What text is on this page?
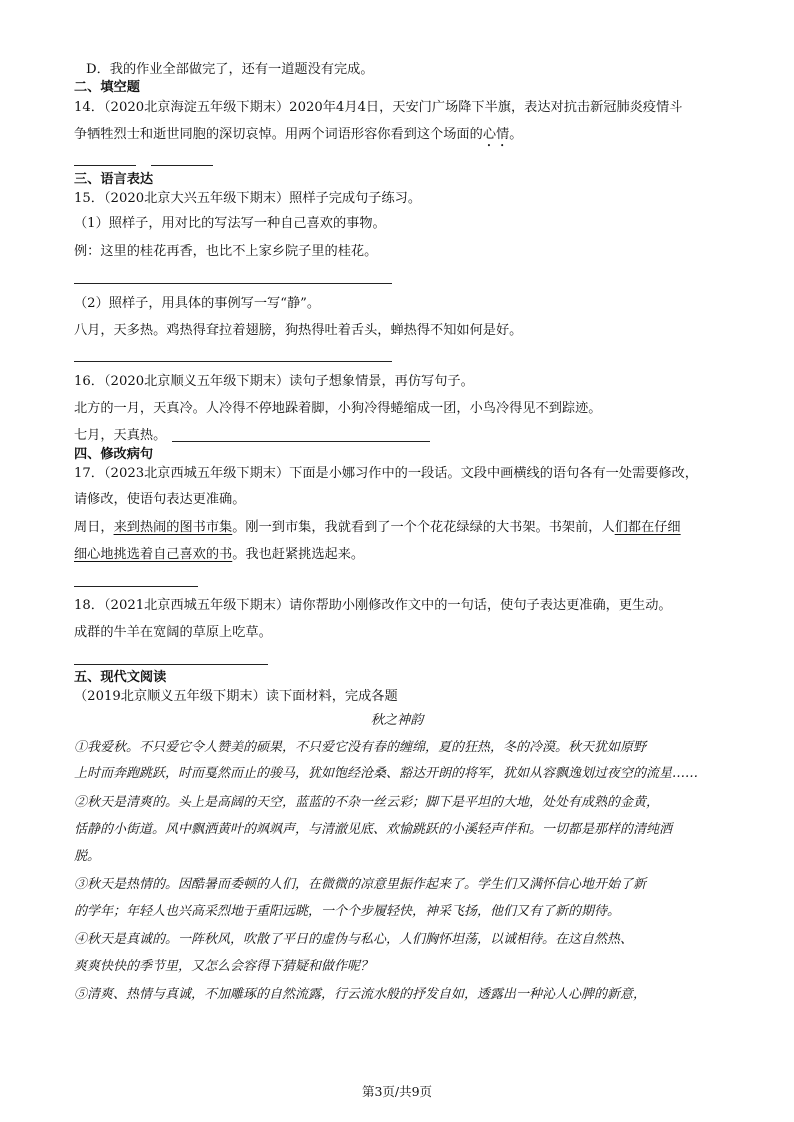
D．我的作业全部做完了，还有一道题没有完成。
二、填空题
14．（2020北京海淀五年级下期末）2020年4月4日，天安门广场降下半旗，表达对抗击新冠肺炎疫情斗
争牺牲烈士和逝世同胞的深切哀悼。用两个词语形容你看到这个场面的心情。
三、语言表达
15．（2020北京大兴五年级下期末）照样子完成句子练习。
（1）照样子，用对比的写法写一种自己喜欢的事物。
例：这里的桂花再香，也比不上家乡院子里的桂花。
（2）照样子，用具体的事例写一写“静”。
八月，天多热。鸡热得耷拉着翅膀，狗热得吐着舌头，蝉热得不知如何是好。
16．（2020北京顺义五年级下期末）读句子想象情景，再仿写句子。
北方的一月，天真冷。人冷得不停地跺着脚，小狗冷得蜷缩成一团，小鸟冷得见不到踪迹。
七月，天真热。
四、修改病句
17．（2023北京西城五年级下期末）下面是小娜习作中的一段话。文段中画横线的语句各有一处需要修改，
请修改，使语句表达更准确。
周日，来到热闹的图书市集。刚一到市集，我就看到了一个个花花绿绿的大书架。书架前，人们都在仔细
细心地挑选着自己喜欢的书。我也赶紧挑选起来。
18．（2021北京西城五年级下期末）请你帮助小刚修改作文中的一句话，使句子表达更准确，更生动。
成群的牛羊在宽阔的草原上吃草。
五、现代文阅读
（2019北京顺义五年级下期末）读下面材料，完成各题
秋之神韵
①我爱秋。不只爱它令人赞美的硕果，不只爱它没有春的缠绵，夏的狂热，冬的冷漠。秋天犹如原野
上时而奔跑跳跃，时而戛然而止的骏马，犹如饱经沧桑、豁达开朗的将军，犹如从容飘逸划过夜空的流星……
②秋天是清爽的。头上是高阔的天空，蓝蓝的不杂一丝云彩；脚下是平坦的大地，处处有成熟的金黄，
恬静的小街道。风中飘洒黄叶的飒飒声，与清澈见底、欢愉跳跃的小溪轻声伴和。一切都是那样的清纯洒
脱。
③秋天是热情的。因酷暑而委顿的人们，在微微的凉意里振作起来了。学生们又满怀信心地开始了新
的学年；年轻人也兴高采烈地于重阳远眺，一个个步履轻快，神采飞扬，他们又有了新的期待。
④秋天是真诚的。一阵秋风，吹散了平日的虚伪与私心，人们胸怀坦荡，以诚相待。在这自然热、
爽爽快快的季节里，又怎么会容得下猜疑和做作呢？
⑤清爽、热情与真诚，不加雕琢的自然流露，行云流水般的抒发自如，透露出一种沁人心脾的新意，
第3页/共9页
